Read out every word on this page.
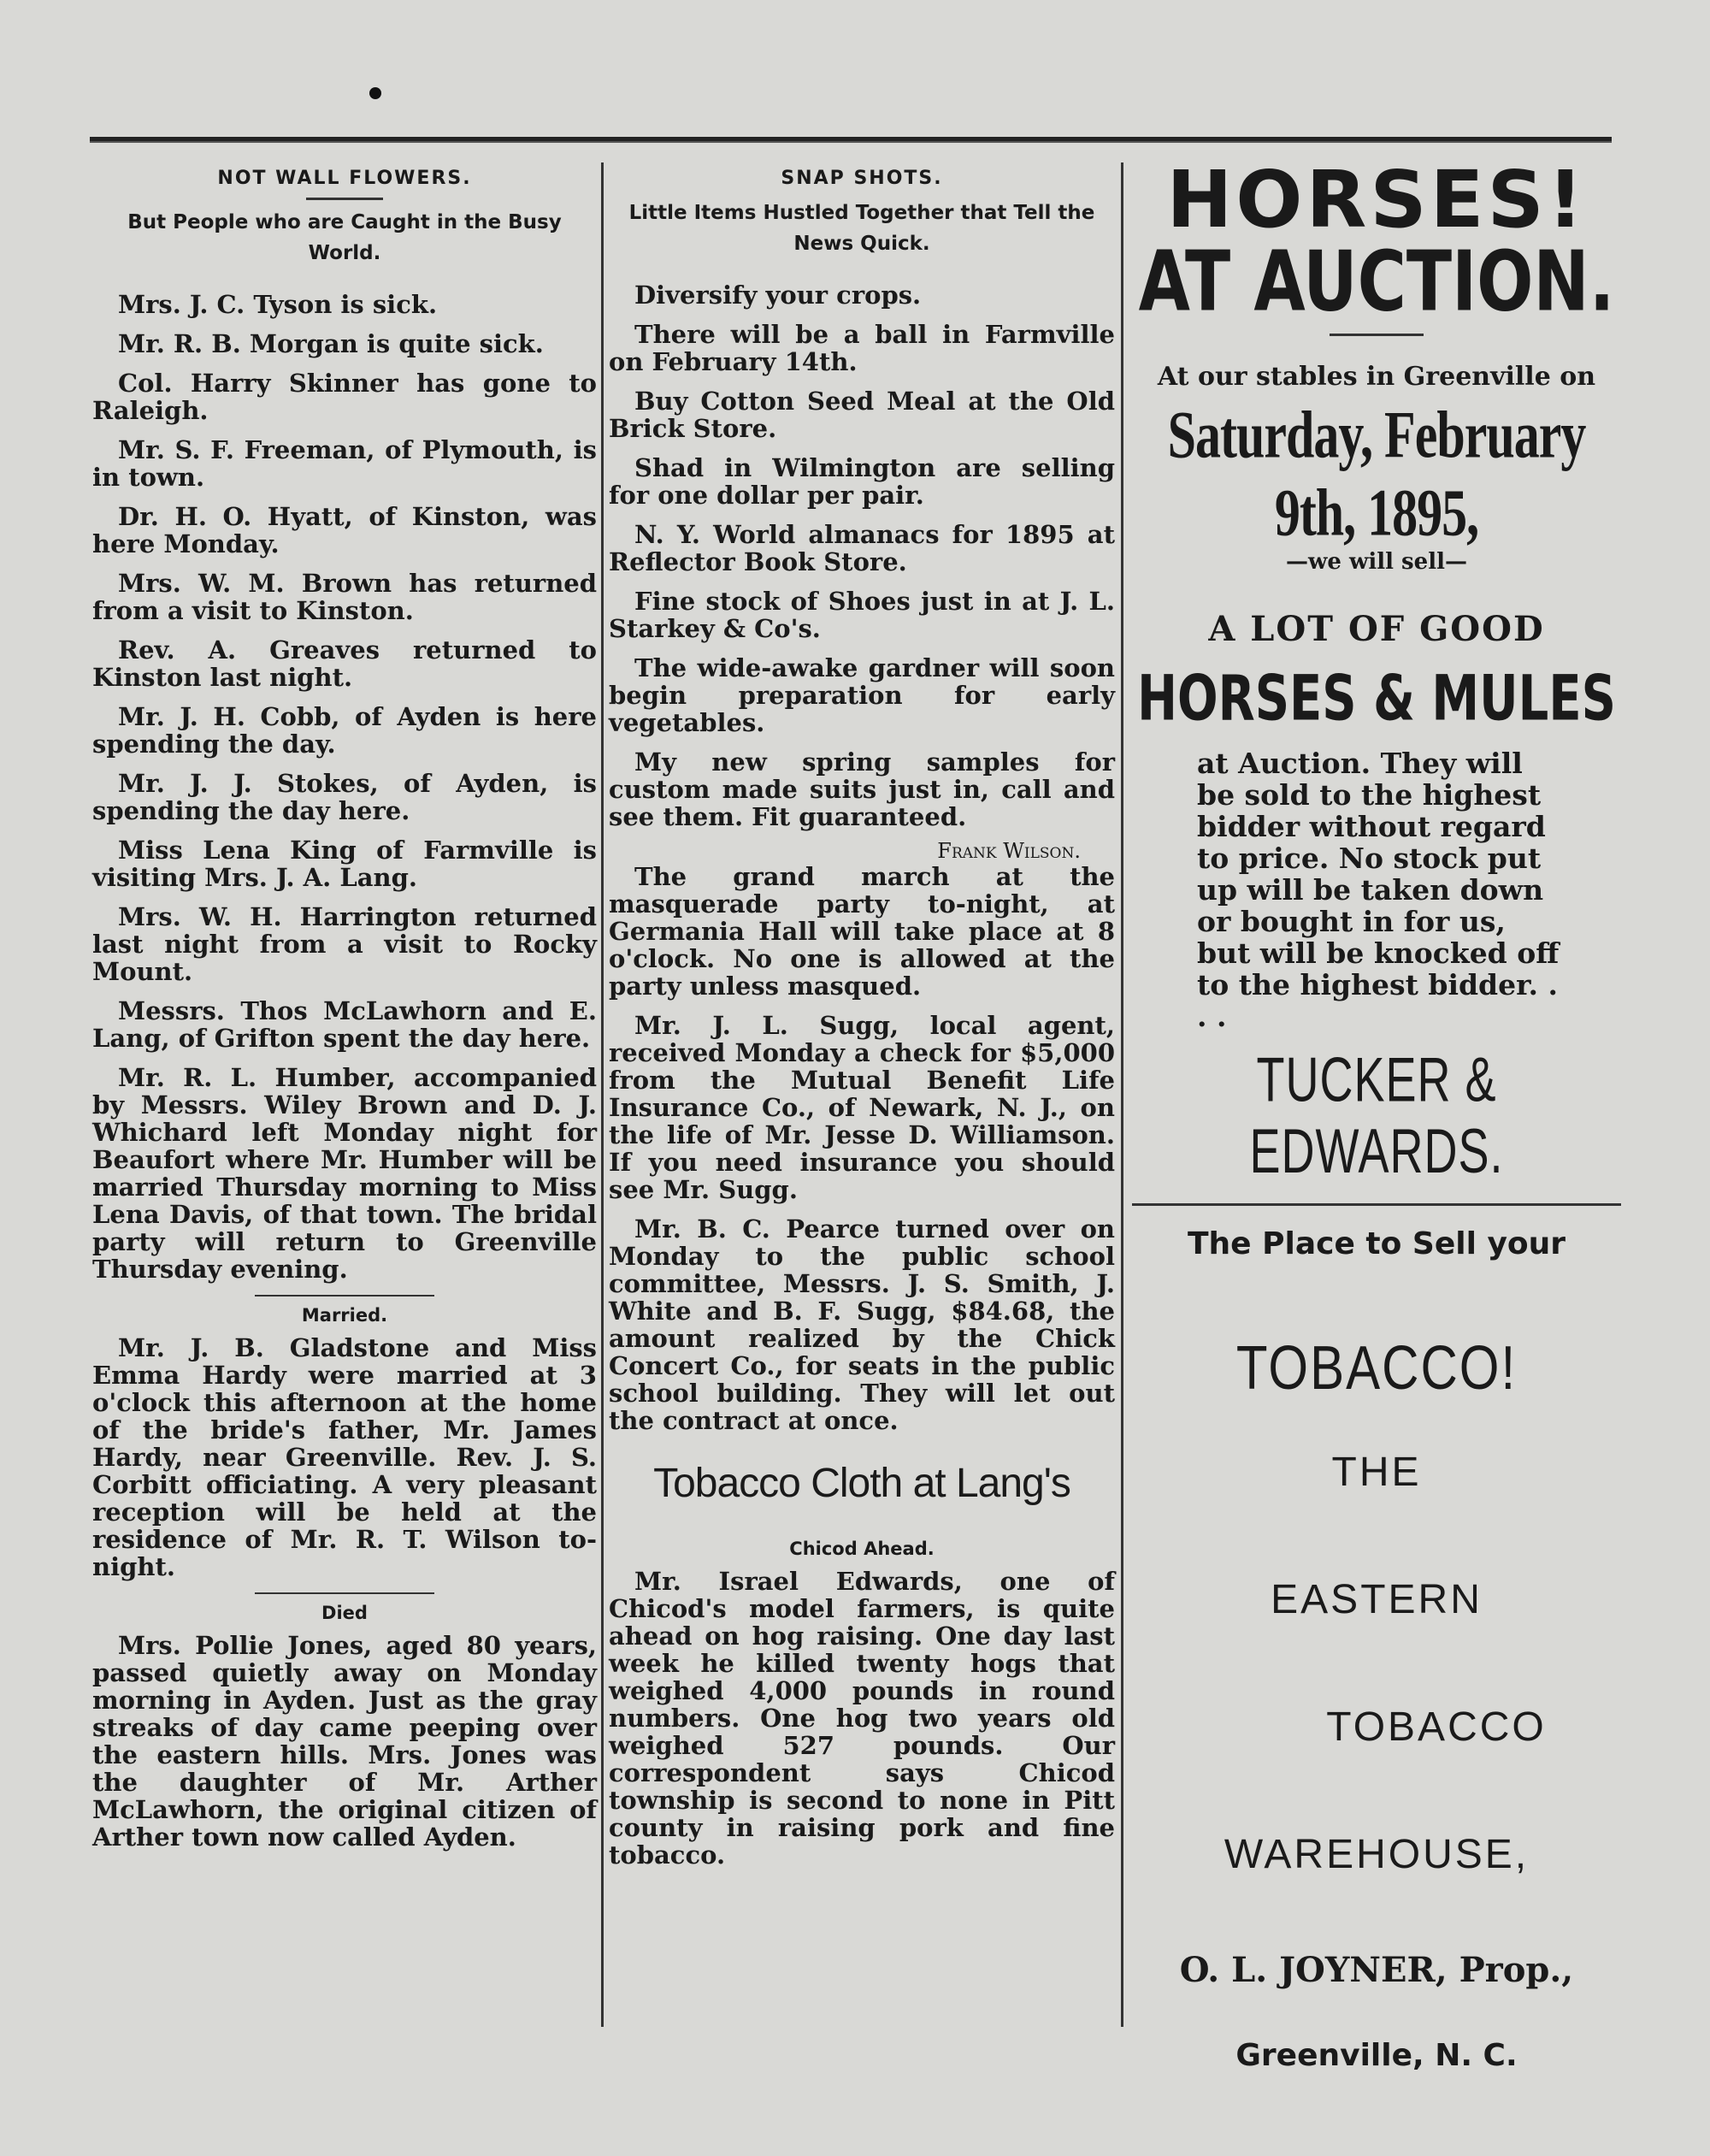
NOT WALL FLOWERS.
But People who are Caught in the Busy World.

Mrs. J. C. Tyson is sick.

Mr. R. B. Morgan is quite sick.

Col. Harry Skinner has gone to Raleigh.

Mr. S. F. Freeman, of Plymouth, is in town.

Dr. H. O. Hyatt, of Kinston, was here Monday.

Mrs. W. M. Brown has returned from a visit to Kinston.

Rev. A. Greaves returned to Kinston last night.

Mr. J. H. Cobb, of Ayden is here spending the day.

Mr. J. J. Stokes, of Ayden, is spending the day here.

Miss Lena King of Farmville is visiting Mrs. J. A. Lang.

Mrs. W. H. Harrington returned last night from a visit to Rocky Mount.

Messrs. Thos McLawhorn and E. Lang, of Grifton spent the day here.

Mr. R. L. Humber, accompanied by Messrs. Wiley Brown and D. J. Whichard left Monday night for Beaufort where Mr. Humber will be married Thursday morning to Miss Lena Davis, of that town. The bridal party will return to Greenville Thursday evening.

Married.

Mr. J. B. Gladstone and Miss Emma Hardy were married at 3 o'clock this afternoon at the home of the bride's father, Mr. James Hardy, near Greenville. Rev. J. S. Corbitt officiating. A very pleasant reception will be held at the residence of Mr. R. T. Wilson to-night.

Died

Mrs. Pollie Jones, aged 80 years, passed quietly away on Monday morning in Ayden. Just as the gray streaks of day came peeping over the eastern hills. Mrs. Jones was the daughter of Mr. Arther McLawhorn, the original citizen of Arther town now called Ayden.

SNAP SHOTS.
Little Items Hustled Together that Tell the News Quick.

Diversify your crops.

There will be a ball in Farmville on February 14th.

Buy Cotton Seed Meal at the Old Brick Store.

Shad in Wilmington are selling for one dollar per pair.

N. Y. World almanacs for 1895 at Reflector Book Store.

Fine stock of Shoes just in at J. L. Starkey & Co's.

The wide-awake gardner will soon begin preparation for early vegetables.

My new spring samples for custom made suits just in, call and see them. Fit guaranteed.

Frank Wilson.

The grand march at the masquerade party to-night, at Germania Hall will take place at 8 o'clock. No one is allowed at the party unless masqued.

Mr. J. L. Sugg, local agent, received Monday a check for $5,000 from the Mutual Benefit Life Insurance Co., of Newark, N. J., on the life of Mr. Jesse D. Williamson. If you need insurance you should see Mr. Sugg.

Mr. B. C. Pearce turned over on Monday to the public school committee, Messrs. J. S. Smith, J. White and B. F. Sugg, $84.68, the amount realized by the Chick Concert Co., for seats in the public school building. They will let out the contract at once.

Tobacco Cloth at Lang's
Chicod Ahead.

Mr. Israel Edwards, one of Chicod's model farmers, is quite ahead on hog raising. One day last week he killed twenty hogs that weighed 4,000 pounds in round numbers. One hog two years old weighed 527 pounds. Our correspondent says Chicod township is second to none in Pitt county in raising pork and fine tobacco.

HORSES!
AT AUCTION.
At our stables in Greenville on
Saturday, February 9th, 1895,
—we will sell—
A LOT OF GOOD
HORSES & MULES
at Auction. They will be sold to the highest bidder without regard to price. No stock put up will be taken down or bought in for us, but will be knocked off to the highest bidder. . . .
TUCKER & EDWARDS.
The Place to Sell your
TOBACCO!
THE
EASTERN
TOBACCO
WAREHOUSE,
O. L. JOYNER, Prop.,
Greenville, N. C.
